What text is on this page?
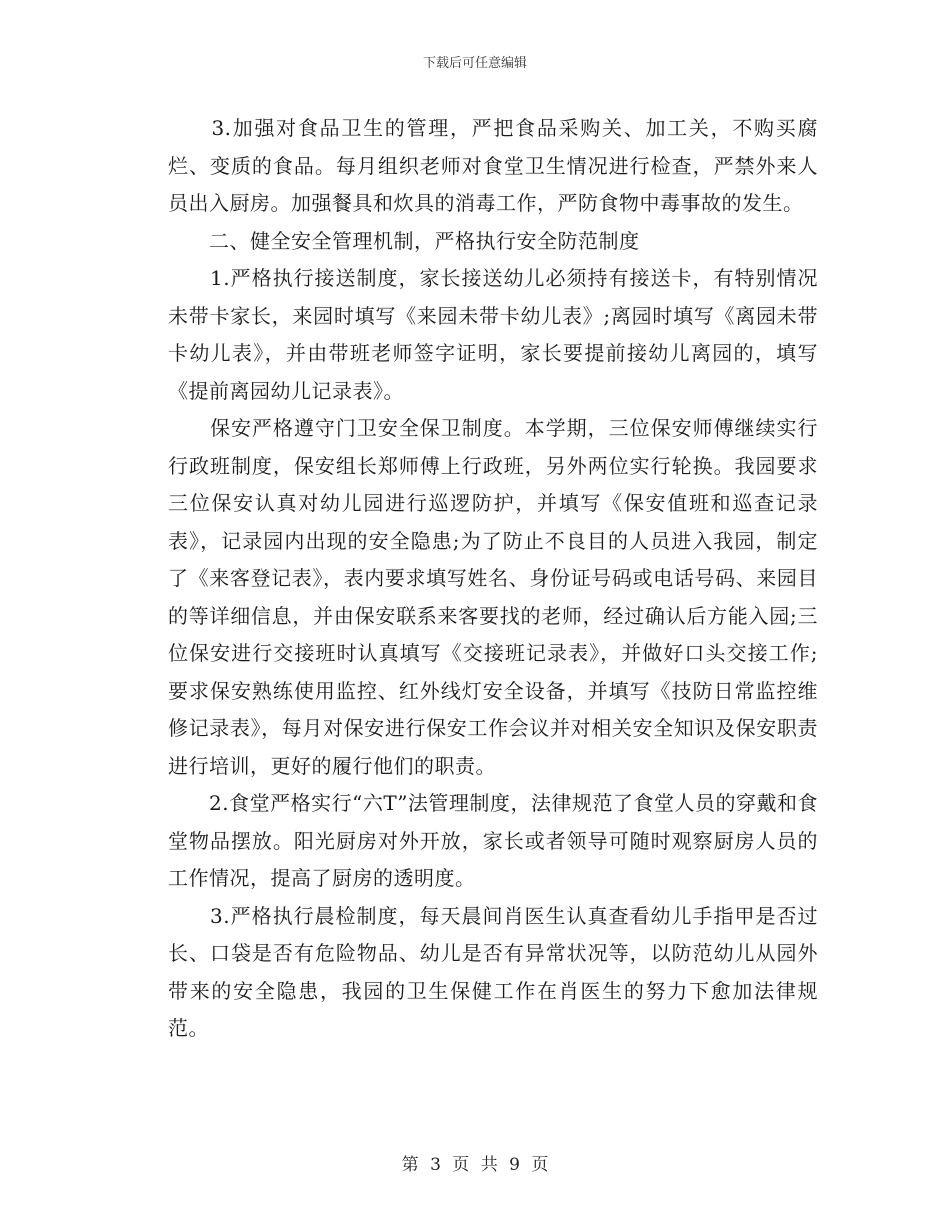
下载后可任意编辑

　　3.加强对食品卫生的管理，严把食品采购关、加工关，不购买腐烂、变质的食品。每月组织老师对食堂卫生情况进行检查，严禁外来人员出入厨房。加强餐具和炊具的消毒工作，严防食物中毒事故的发生。

　　二、健全安全管理机制，严格执行安全防范制度

　　1.严格执行接送制度，家长接送幼儿必须持有接送卡，有特别情况未带卡家长，来园时填写《来园未带卡幼儿表》;离园时填写《离园未带卡幼儿表》，并由带班老师签字证明，家长要提前接幼儿离园的，填写《提前离园幼儿记录表》。

　　保安严格遵守门卫安全保卫制度。本学期，三位保安师傅继续实行行政班制度，保安组长郑师傅上行政班，另外两位实行轮换。我园要求三位保安认真对幼儿园进行巡逻防护，并填写《保安值班和巡查记录表》，记录园内出现的安全隐患;为了防止不良目的人员进入我园，制定了《来客登记表》，表内要求填写姓名、身份证号码或电话号码、来园目的等详细信息，并由保安联系来客要找的老师，经过确认后方能入园;三位保安进行交接班时认真填写《交接班记录表》，并做好口头交接工作;要求保安熟练使用监控、红外线灯安全设备，并填写《技防日常监控维修记录表》，每月对保安进行保安工作会议并对相关安全知识及保安职责进行培训，更好的履行他们的职责。

　　2.食堂严格实行“六T”法管理制度，法律规范了食堂人员的穿戴和食堂物品摆放。阳光厨房对外开放，家长或者领导可随时观察厨房人员的工作情况，提高了厨房的透明度。

　　3.严格执行晨检制度，每天晨间肖医生认真查看幼儿手指甲是否过长、口袋是否有危险物品、幼儿是否有异常状况等，以防范幼儿从园外带来的安全隐患，我园的卫生保健工作在肖医生的努力下愈加法律规范。

第 3 页 共 9 页
